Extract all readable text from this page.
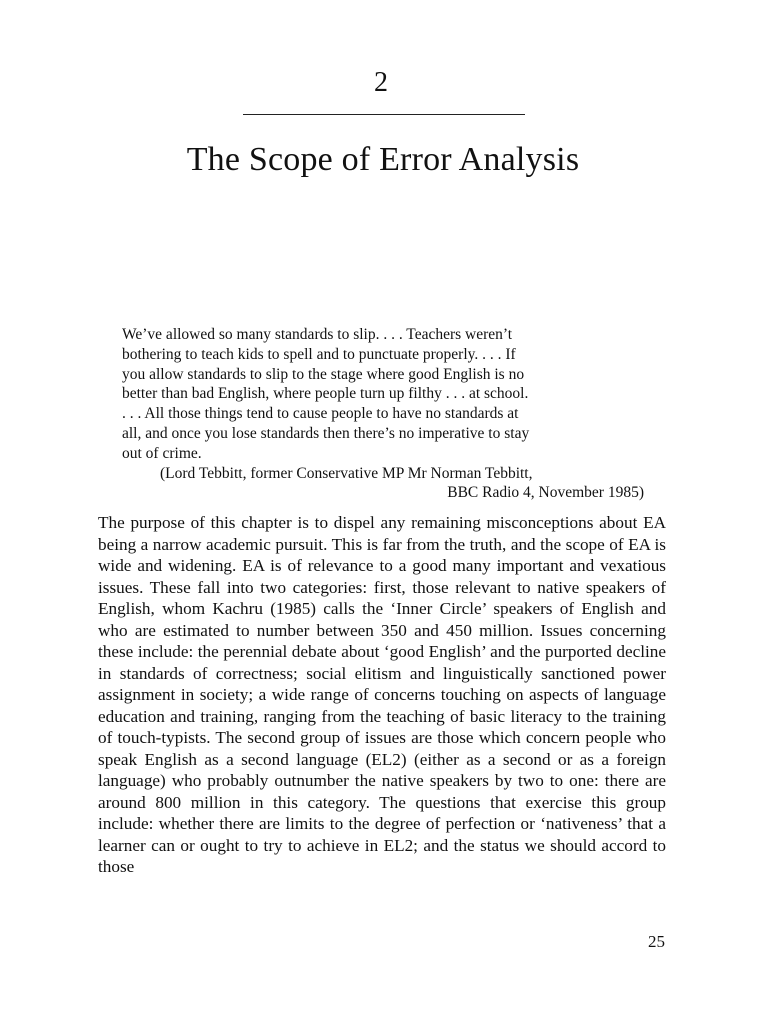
2
The Scope of Error Analysis

We’ve allowed so many standards to slip. . . . Teachers weren’t
bothering to teach kids to spell and to punctuate properly. . . . If
you allow standards to slip to the stage where good English is no
better than bad English, where people turn up filthy . . . at school.
. . . All those things tend to cause people to have no standards at
all, and once you lose standards then there’s no imperative to stay
out of crime.

(Lord Tebbitt, former Conservative MP Mr Norman Tebbitt,

BBC Radio 4, November 1985)

The purpose of this chapter is to dispel any remaining misconceptions about EA being a narrow academic pursuit. This is far from the truth, and the scope of EA is wide and widening. EA is of relevance to a good many important and vexatious issues. These fall into two categories: first, those relevant to native speakers of English, whom Kachru (1985) calls the ‘Inner Circle’ speakers of English and who are estimated to number between 350 and 450 million. Issues concerning these include: the perennial debate about ‘good English’ and the purported decline in standards of correctness; social elitism and linguistically sanctioned power assignment in society; a wide range of concerns touching on aspects of language education and training, ranging from the teaching of basic literacy to the training of touch-typists. The second group of issues are those which concern people who speak English as a second language (EL2) (either as a second or as a foreign language) who probably outnumber the native speakers by two to one: there are around 800 million in this category. The questions that exercise this group include: whether there are limits to the degree of perfection or ‘nativeness’ that a learner can or ought to try to achieve in EL2; and the status we should accord to those

25
